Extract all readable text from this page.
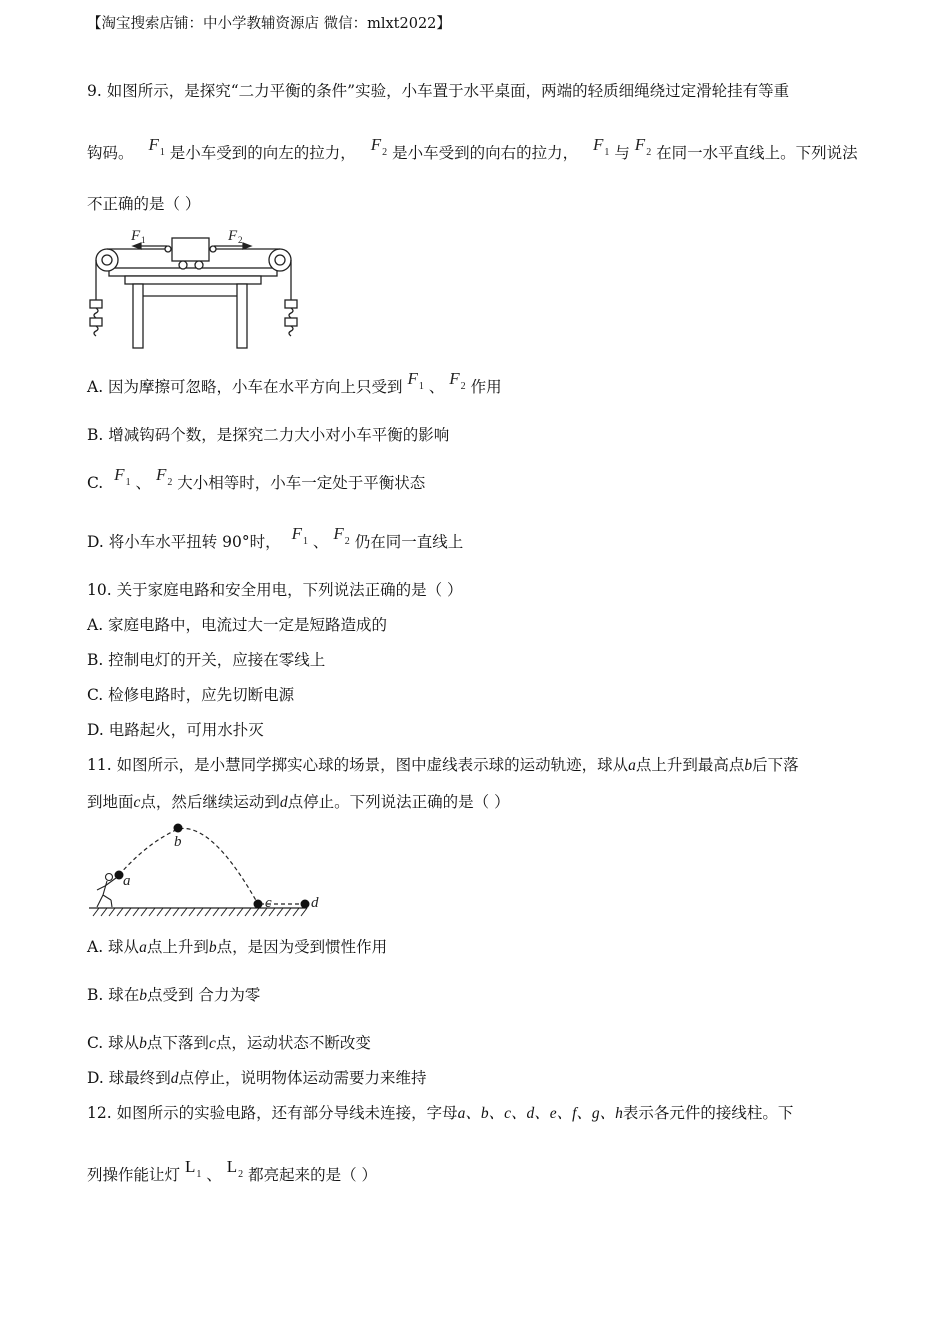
【淘宝搜索店铺：中小学教辅资源店 微信：mlxt2022】
9. 如图所示，是探究“二力平衡的条件”实验，小车置于水平桌面，两端的轻质细绳绕过定滑轮挂有等重
钩码。 $F_1$ 是小车受到的向左的拉力， $F_2$ 是小车受到的向右的拉力， $F_1$ 与 $F_2$ 在同一水平直线上。下列说法
不正确的是（ ）
F 1	F 2
A. 因为摩擦可忽略，小车在水平方向上只受到 $F_1$ 、 $F_2$ 作用
B. 增减钩码个数，是探究二力大小对小车平衡的影响
C. $F_1$ 、 $F_2$ 大小相等时，小车一定处于平衡状态
D. 将小车水平扭转 90°时， $F_1$ 、 $F_2$ 仍在同一直线上
10. 关于家庭电路和安全用电，下列说法正确的是（ ）
A. 家庭电路中，电流过大一定是短路造成的
B. 控制电灯的开关，应接在零线上
C. 检修电路时，应先切断电源
D. 电路起火，可用水扑灭
11. 如图所示，是小慧同学掷实心球的场景，图中虚线表示球的运动轨迹，球从a点上升到最高点b后下落
到地面c点，然后继续运动到d点停止。下列说法正确的是（ ）
a
b
c	d
A. 球从a点上升到b点，是因为受到惯性作用
B. 球在b点受到 合力为零
C. 球从b点下落到c点，运动状态不断改变
D. 球最终到d点停止，说明物体运动需要力来维持
12. 如图所示的实验电路，还有部分导线未连接，字母a、b、c、d、e、f、g、h表示各元件的接线柱。下
列操作能让灯 $L_1$ 、 $L_2$ 都亮起来的是（ ）
